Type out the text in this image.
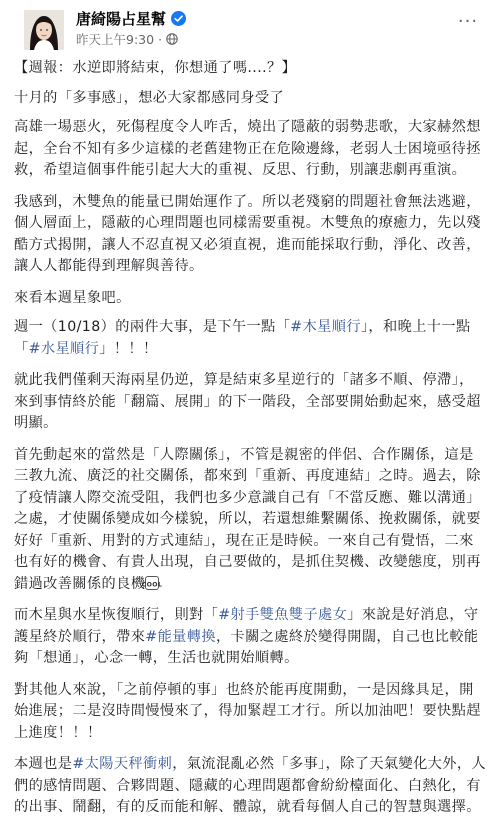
唐綺陽占星幫
昨天上午9:30 ·
···

【週報：水逆即將結束，你想通了嗎....？】

十月的「多事感」，想必大家都感同身受了

高雄一場惡火，死傷程度令人咋舌，燒出了隱蔽的弱勢悲歌，大家赫然想起，全台不知有多少這樣的老舊建物正在危險邊緣，老弱人士困境亟待拯救，希望這個事件能引起大大的重視、反思、行動，別讓悲劇再重演。

我感到，木雙魚的能量已開始運作了。所以老殘窮的問題社會無法逃避，個人層面上，隱蔽的心理問題也同樣需要重視。木雙魚的療癒力，先以殘酷方式揭開，讓人不忍直視又必須直視，進而能採取行動，淨化、改善，讓人人都能得到理解與善待。

來看本週星象吧。

週一（10/18）的兩件大事，是下午一點「#木星順行」，和晚上十一點「#水星順行」！！！

就此我們僅剩天海兩星仍逆，算是結束多星逆行的「諸多不順、停滯」，來到事情終於能「翻篇、展開」的下一階段，全部要開始動起來，感受超明顯。

首先動起來的當然是「人際關係」，不管是親密的伴侶、合作關係，這是三教九流、廣泛的社交關係，都來到「重新、再度連結」之時。過去，除了疫情讓人際交流受阻，我們也多少意識自己有「不當反應、難以溝通」之處，才使關係變成如今樣貌，所以，若還想維繫關係、挽救關係，就要好好「重新、用對的方式連結」，現在正是時候。一來自己有覺悟，二來也有好的機會、有貴人出現，自己要做的，是抓住契機、改變態度，別再錯過改善關係的良機
COOL

而木星與水星恢復順行，則對「#射手雙魚雙子處女」來說是好消息，守護星終於順行，帶來#能量轉換，卡關之處終於變得開闊，自己也比較能夠「想通」，心念一轉，生活也就開始順轉。

對其他人來說，「之前停頓的事」也終於能再度開動，一是因緣具足，開始進展；二是沒時間慢慢來了，得加緊趕工才行。所以加油吧！要快點趕上進度！！！

本週也是#太陽天秤衝刺，氣流混亂必然「多事」，除了天氣變化大外，人們的感情問題、合夥問題、隱藏的心理問題都會紛紛檯面化、白熱化，有的出事、鬧翻，有的反而能和解、體諒，就看每個人自己的智慧與選擇。
